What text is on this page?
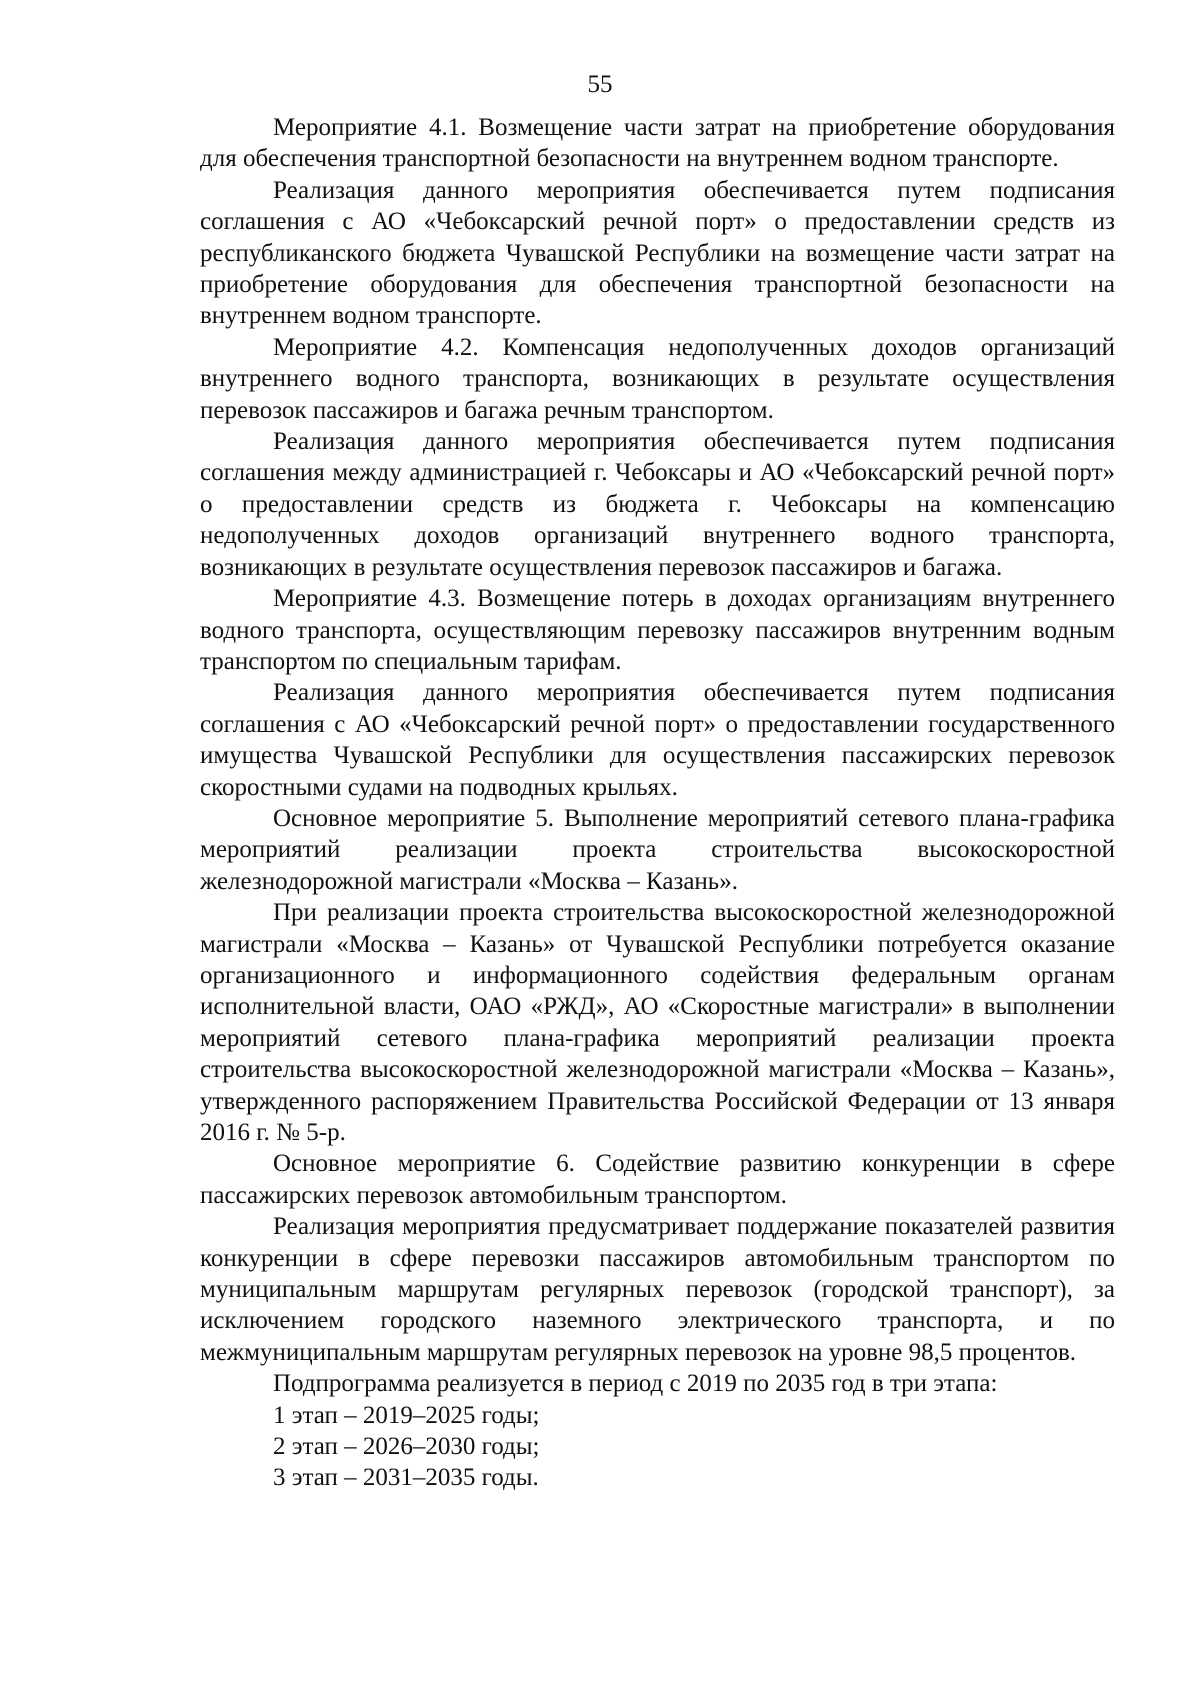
55

Мероприятие 4.1. Возмещение части затрат на приобретение оборудования для обеспечения транспортной безопасности на внутреннем водном транспорте.

Реализация данного мероприятия обеспечивается путем подписания соглашения с АО «Чебоксарский речной порт» о предоставлении средств из республиканского бюджета Чувашской Республики на возмещение части затрат на приобретение оборудования для обеспечения транспортной безопасности на внутреннем водном транспорте.

Мероприятие 4.2. Компенсация недополученных доходов организаций внутреннего водного транспорта, возникающих в результате осуществления перевозок пассажиров и багажа речным транспортом.

Реализация данного мероприятия обеспечивается путем подписания соглашения между администрацией г. Чебоксары и АО «Чебоксарский речной порт» о предоставлении средств из бюджета г. Чебоксары на компенсацию недополученных доходов организаций внутреннего водного транспорта, возникающих в результате осуществления перевозок пассажиров и багажа.

Мероприятие 4.3. Возмещение потерь в доходах организациям внутреннего водного транспорта, осуществляющим перевозку пассажиров внутренним водным транспортом по специальным тарифам.

Реализация данного мероприятия обеспечивается путем подписания соглашения с АО «Чебоксарский речной порт» о предоставлении государственного имущества Чувашской Республики для осуществления пассажирских перевозок скоростными судами на подводных крыльях.

Основное мероприятие 5. Выполнение мероприятий сетевого плана-графика мероприятий реализации проекта строительства высокоскоростной железнодорожной магистрали «Москва – Казань».

При реализации проекта строительства высокоскоростной железнодорожной магистрали «Москва – Казань» от Чувашской Республики потребуется оказание организационного и информационного содействия федеральным органам исполнительной власти, ОАО «РЖД», АО «Скоростные магистрали» в выполнении мероприятий сетевого плана-графика мероприятий реализации проекта строительства высокоскоростной железнодорожной магистрали «Москва – Казань», утвержденного распоряжением Правительства Российской Федерации от 13 января 2016 г. № 5-р.

Основное мероприятие 6. Содействие развитию конкуренции в сфере пассажирских перевозок автомобильным транспортом.

Реализация мероприятия предусматривает поддержание показателей развития конкуренции в сфере перевозки пассажиров автомобильным транспортом по муниципальным маршрутам регулярных перевозок (городской транспорт), за исключением городского наземного электрического транспорта, и по межмуниципальным маршрутам регулярных перевозок на уровне 98,5 процентов.

Подпрограмма реализуется в период с 2019 по 2035 год в три этапа:

1 этап – 2019–2025 годы;

2 этап – 2026–2030 годы;

3 этап – 2031–2035 годы.
